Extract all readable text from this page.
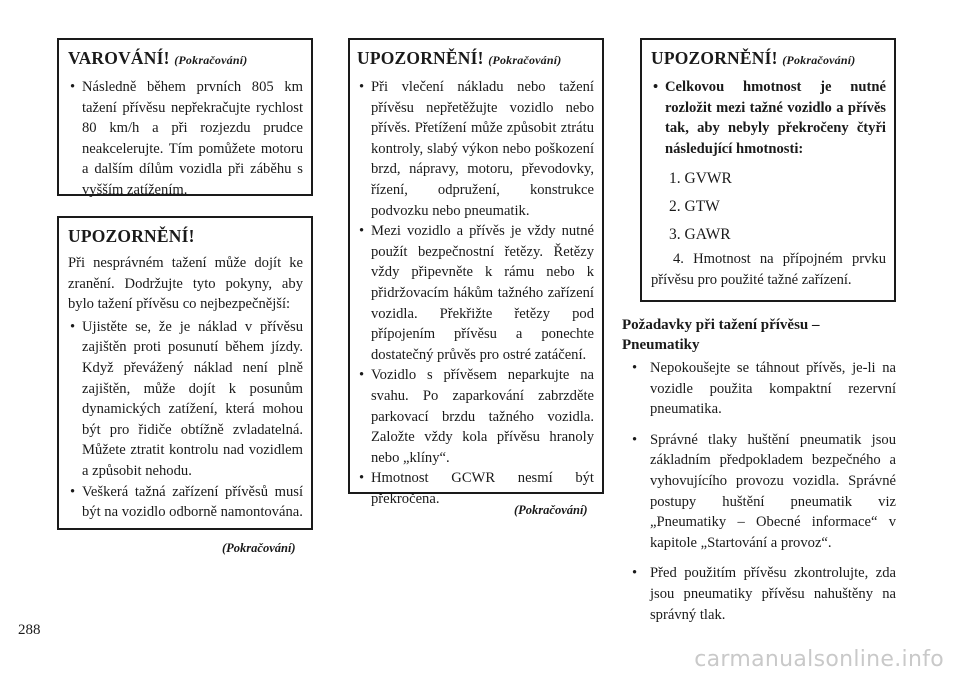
VAROVÁNÍ! (Pokračování)
• Následně během prvních 805 km tažení přívěsu nepřekračujte rychlost 80 km/h a při rozjezdu prudce neakcelerujte. Tím pomůžete motoru a dalším dílům vozidla při záběhu s vyšším zatížením.
UPOZORNĚNÍ!

Při nesprávném tažení může dojít ke zranění. Dodržujte tyto pokyny, aby bylo tažení přívěsu co nejbezpečnější:

• Ujistěte se, že je náklad v přívěsu zajištěn proti posunutí během jízdy. Když převážený náklad není plně zajištěn, může dojít k posunům dynamických zatížení, která mohou být pro řidiče obtížně zvladatelná. Můžete ztratit kontrolu nad vozidlem a způsobit nehodu.
• Veškerá tažná zařízení přívěsů musí být na vozidlo odborně namontována.
(Pokračování)
UPOZORNĚNÍ! (Pokračování)
• Při vlečení nákladu nebo tažení přívěsu nepřetěžujte vozidlo nebo přívěs. Přetížení může způsobit ztrátu kontroly, slabý výkon nebo poškození brzd, nápravy, motoru, převodovky, řízení, odpružení, konstrukce podvozku nebo pneumatik.
• Mezi vozidlo a přívěs je vždy nutné použít bezpečnostní řetězy. Řetězy vždy připevněte k rámu nebo k přidržovacím hákům tažného zařízení vozidla. Překřižte řetězy pod přípojením přívěsu a ponechte dostatečný průvěs pro ostré zatáčení.
• Vozidlo s přívěsem neparkujte na svahu. Po zaparkování zabrzděte parkovací brzdu tažného vozidla. Založte vždy kola přívěsu hranoly nebo „klíny“.
• Hmotnost GCWR nesmí být překročena.
(Pokračování)
UPOZORNĚNÍ! (Pokračování)
• Celkovou hmotnost je nutné rozložit mezi tažné vozidlo a přívěs tak, aby nebyly překročeny čtyři následující hmotnosti:
1. GVWR
2. GTW
3. GAWR

4. Hmotnost na přípojném prvku přívěsu pro použité tažné zařízení.

Požadavky při tažení přívěsu – Pneumatiky
• Nepokoušejte se táhnout přívěs, je-li na vozidle použita kompaktní rezervní pneumatika.
• Správné tlaky huštění pneumatik jsou základním předpokladem bezpečného a vyhovujícího provozu vozidla. Správné postupy huštění pneumatik viz „Pneumatiky – Obecné informace“ v kapitole „Startování a provoz“.
• Před použitím přívěsu zkontrolujte, zda jsou pneumatiky přívěsu nahuštěny na správný tlak.
288
carmanualsonline.info
